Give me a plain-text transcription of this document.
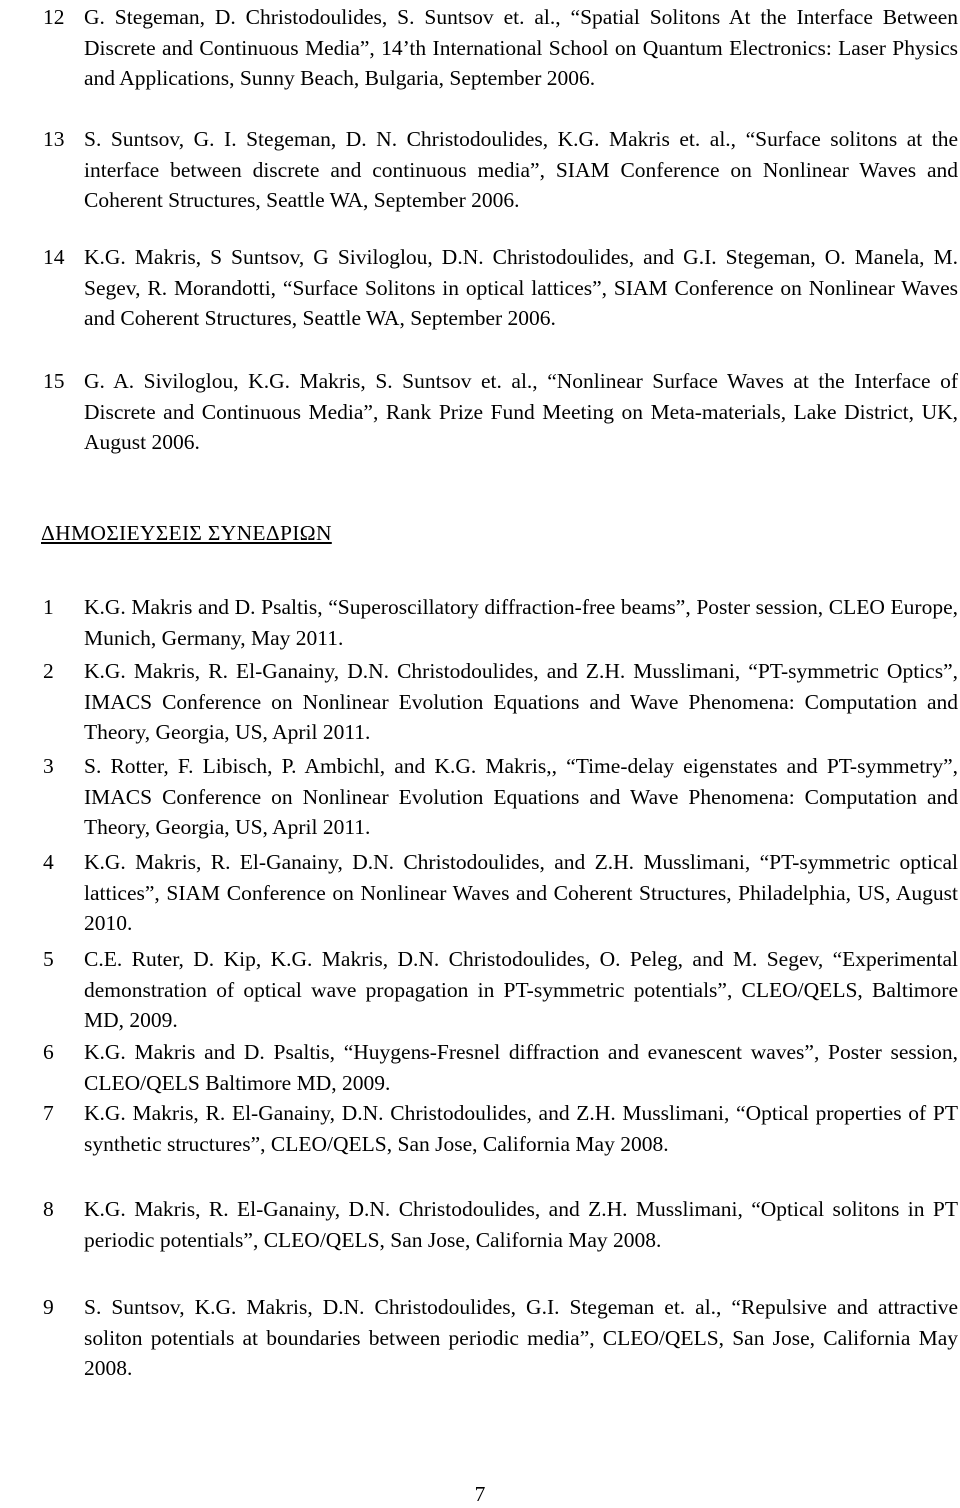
12 G. Stegeman, D. Christodoulides, S. Suntsov et. al., “Spatial Solitons At the Interface Between Discrete and Continuous Media”, 14’th International School on Quantum Electronics: Laser Physics and Applications, Sunny Beach, Bulgaria, September 2006.
13 S. Suntsov, G. I. Stegeman, D. N. Christodoulides, K.G. Makris et. al., “Surface solitons at the interface between discrete and continuous media”, SIAM Conference on Nonlinear Waves and Coherent Structures, Seattle WA, September 2006.
14 K.G. Makris, S Suntsov, G Siviloglou, D.N. Christodoulides, and G.I. Stegeman, O. Manela, M. Segev, R. Morandotti, “Surface Solitons in optical lattices”, SIAM Conference on Nonlinear Waves and Coherent Structures, Seattle WA, September 2006.
15 G. A. Siviloglou, K.G. Makris, S. Suntsov et. al., “Nonlinear Surface Waves at the Interface of Discrete and Continuous Media”, Rank Prize Fund Meeting on Meta-materials, Lake District, UK, August 2006.
ΔΗΜΟΣΙΕΥΣΕΙΣ ΣΥΝΕΔΡΙΩΝ
1	K.G. Makris and D. Psaltis, “Superoscillatory diffraction-free beams”, Poster session, CLEO Europe, Munich, Germany, May 2011.
2	K.G. Makris, R. El-Ganainy, D.N. Christodoulides, and Z.H. Musslimani, “PT-symmetric Optics”, IMACS Conference on Nonlinear Evolution Equations and Wave Phenomena: Computation and Theory, Georgia, US, April 2011.
3	S. Rotter, F. Libisch, P. Ambichl, and K.G. Makris,, “Time-delay eigenstates and PT-symmetry”, IMACS Conference on Nonlinear Evolution Equations and Wave Phenomena: Computation and Theory, Georgia, US, April 2011.
4	K.G. Makris, R. El-Ganainy, D.N. Christodoulides, and Z.H. Musslimani, “PT-symmetric optical lattices”, SIAM Conference on Nonlinear Waves and Coherent Structures, Philadelphia, US, August 2010.
5	C.E. Ruter, D. Kip, K.G. Makris, D.N. Christodoulides, O. Peleg, and M. Segev, “Experimental demonstration of optical wave propagation in PT-symmetric potentials”, CLEO/QELS, Baltimore MD, 2009.
6	K.G. Makris and D. Psaltis, “Huygens-Fresnel diffraction and evanescent waves”, Poster session, CLEO/QELS Baltimore MD, 2009.
7	K.G. Makris, R. El-Ganainy, D.N. Christodoulides, and Z.H. Musslimani, “Optical properties of PT synthetic structures”, CLEO/QELS, San Jose, California May 2008.
8	K.G. Makris, R. El-Ganainy, D.N. Christodoulides, and Z.H. Musslimani, “Optical solitons in PT periodic potentials”, CLEO/QELS, San Jose, California May 2008.
9	S. Suntsov, K.G. Makris, D.N. Christodoulides, G.I. Stegeman et. al., “Repulsive and attractive soliton potentials at boundaries between periodic media”, CLEO/QELS, San Jose, California May 2008.
7
